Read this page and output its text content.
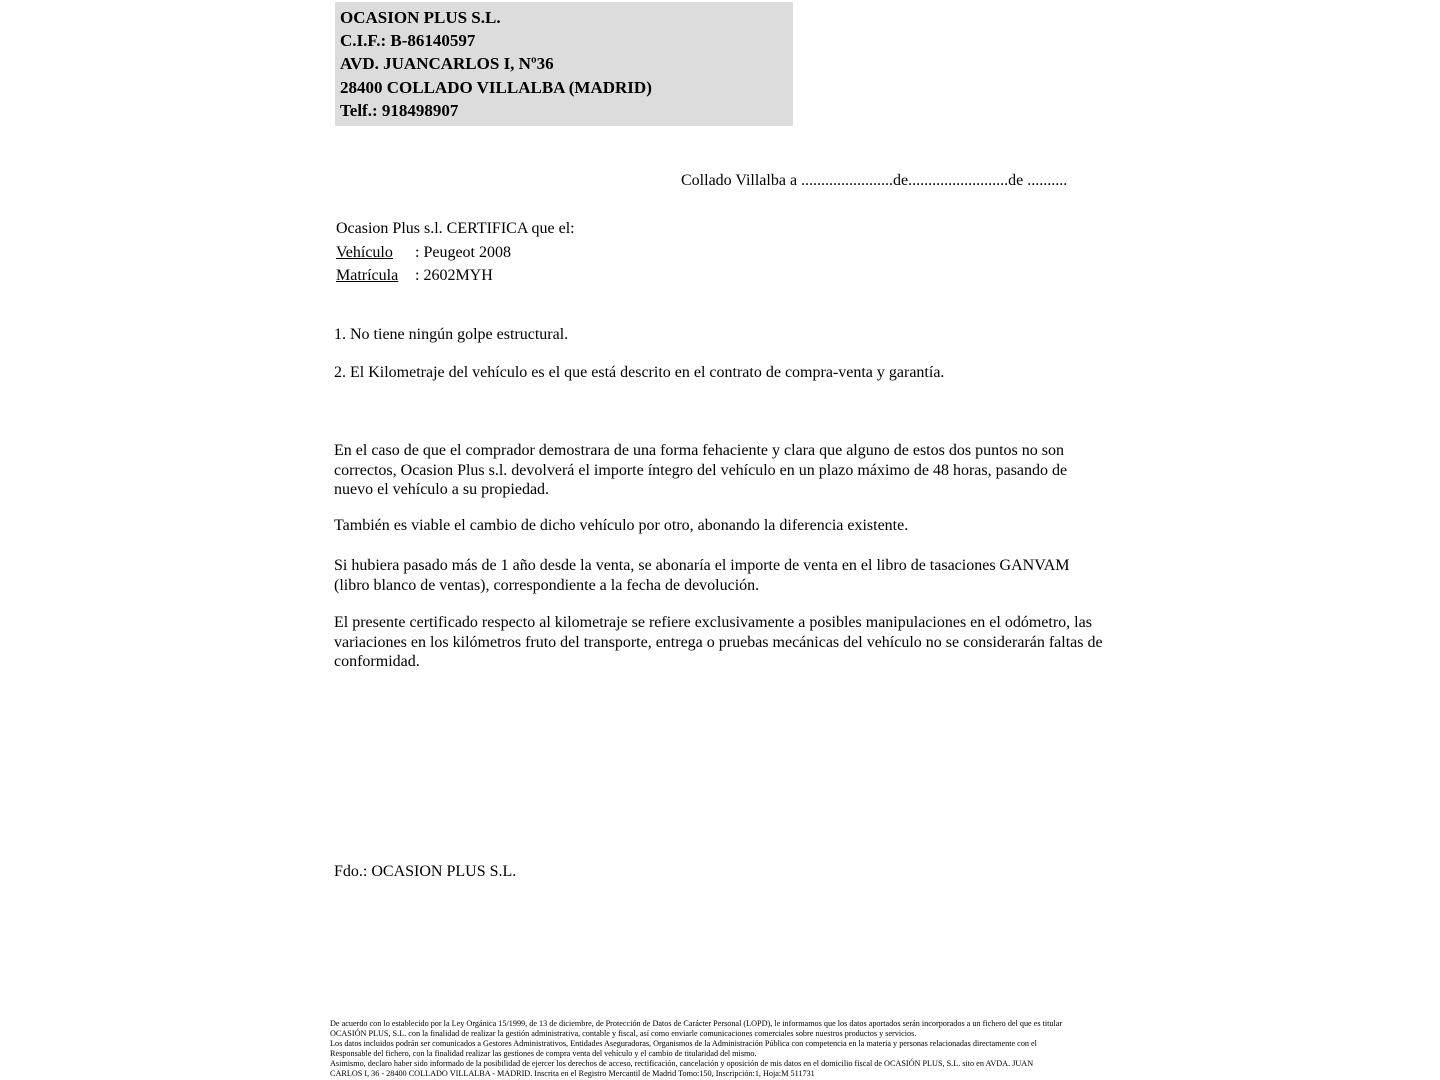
OCASION PLUS S.L.
C.I.F.: B-86140597
AVD. JUANCARLOS I, Nº36
28400 COLLADO VILLALBA (MADRID)
Telf.: 918498907
Collado Villalba a .......................de.........................de ..........
Ocasion Plus s.l. CERTIFICA que el:
Vehículo : Peugeot 2008
Matrícula : 2602MYH
1. No tiene ningún golpe estructural.
2. El Kilometraje del vehículo es el que está descrito en el contrato de compra-venta y garantía.

En el caso de que el comprador demostrara de una forma fehaciente y clara que alguno de estos dos puntos no son correctos, Ocasion Plus s.l. devolverá el importe íntegro del vehículo en un plazo máximo de 48 horas, pasando de nuevo el vehículo a su propiedad.

También es viable el cambio de dicho vehículo por otro, abonando la diferencia existente.

Si hubiera pasado más de 1 año desde la venta, se abonaría el importe de venta en el libro de tasaciones GANVAM (libro blanco de ventas), correspondiente a la fecha de devolución.

El presente certificado respecto al kilometraje se refiere exclusivamente a posibles manipulaciones en el odómetro, las variaciones en los kilómetros fruto del transporte, entrega o pruebas mecánicas del vehículo no se considerarán faltas de conformidad.

Fdo.: OCASION PLUS S.L.
De acuerdo con lo establecido por la Ley Orgánica 15/1999, de 13 de diciembre, de Protección de Datos de Carácter Personal (LOPD), le informamos que los datos aportados serán incorporados a un fichero del que es titular
OCASIÓN PLUS, S.L. con la finalidad de realizar la gestión administrativa, contable y fiscal, así como enviarle comunicaciones comerciales sobre nuestros productos y servicios.
Los datos incluidos podrán ser comunicados a Gestores Administrativos, Entidades Aseguradoras, Organismos de la Administración Pública con competencia en la materia y personas relacionadas directamente con el
Responsable del fichero, con la finalidad realizar las gestiones de compra venta del vehículo y el cambio de titularidad del mismo.
Asimismo, declaro haber sido informado de la posibilidad de ejercer los derechos de acceso, rectificación, cancelación y oposición de mis datos en el domicilio fiscal de OCASIÓN PLUS, S.L. sito en AVDA. JUAN
CARLOS I, 36 - 28400 COLLADO VILLALBA - MADRID. Inscrita en el Registro Mercantil de Madrid Tomo:150, Inscripción:1, Hoja:M 511731
